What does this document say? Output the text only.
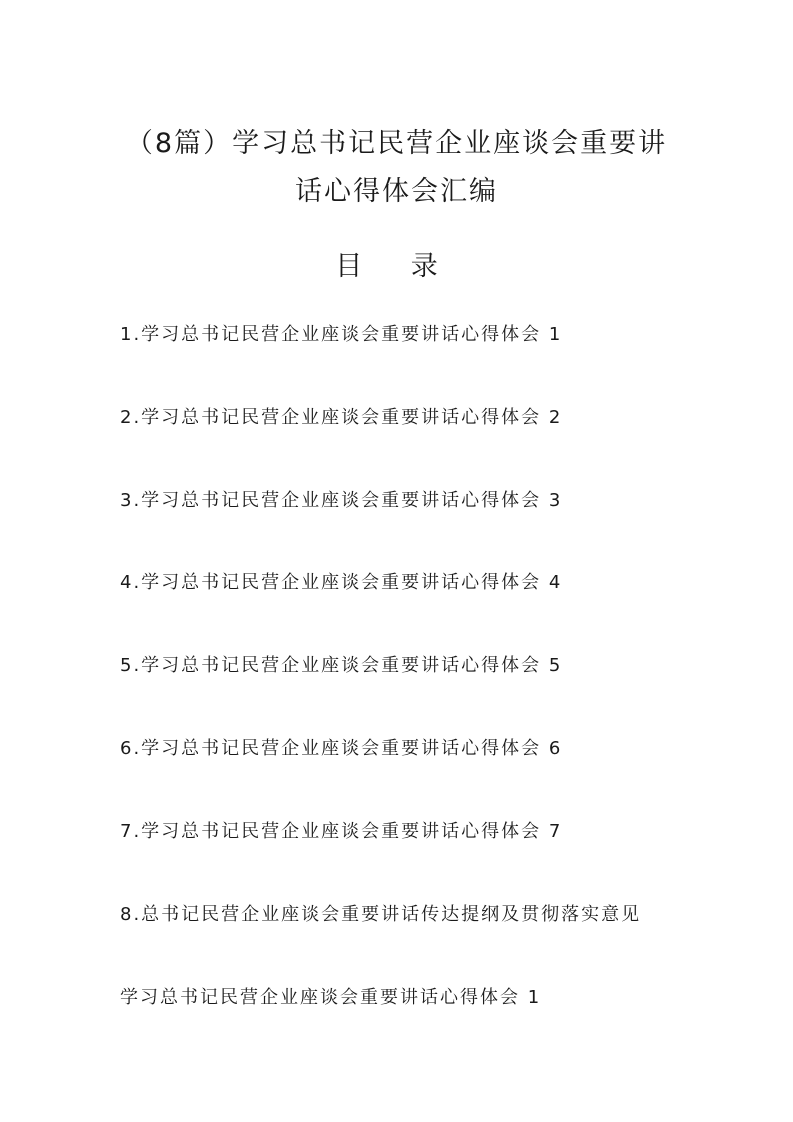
（8篇）学习总书记民营企业座谈会重要讲
话心得体会汇编
目 录
1.学习总书记民营企业座谈会重要讲话心得体会 1
2.学习总书记民营企业座谈会重要讲话心得体会 2
3.学习总书记民营企业座谈会重要讲话心得体会 3
4.学习总书记民营企业座谈会重要讲话心得体会 4
5.学习总书记民营企业座谈会重要讲话心得体会 5
6.学习总书记民营企业座谈会重要讲话心得体会 6
7.学习总书记民营企业座谈会重要讲话心得体会 7
8.总书记民营企业座谈会重要讲话传达提纲及贯彻落实意见
学习总书记民营企业座谈会重要讲话心得体会 1
